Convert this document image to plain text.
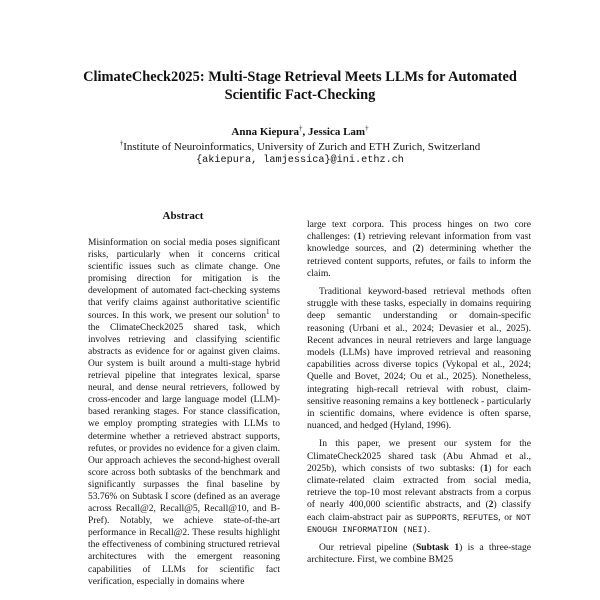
ClimateCheck2025: Multi-Stage Retrieval Meets LLMs for Automated
Scientific Fact-Checking
Anna Kiepura†, Jessica Lam†
†Institute of Neuroinformatics, University of Zurich and ETH Zurich, Switzerland
{akiepura, lamjessica}@ini.ethz.ch
Abstract

Misinformation on social media poses significant risks, particularly when it concerns critical scientific issues such as climate change. One promising direction for mitigation is the development of automated fact-checking systems that verify claims against authoritative scientific sources. In this work, we present our solution$^1$ to the ClimateCheck2025 shared task, which involves retrieving and classifying scientific abstracts as evidence for or against given claims. Our system is built around a multi-stage hybrid retrieval pipeline that integrates lexical, sparse neural, and dense neural retrievers, followed by cross-encoder and large language model (LLM)-based reranking stages. For stance classification, we employ prompting strategies with LLMs to determine whether a retrieved abstract supports, refutes, or provides no evidence for a given claim. Our approach achieves the second-highest overall score across both subtasks of the benchmark and significantly surpasses the final baseline by 53.76% on Subtask I score (defined as an average across Recall@2, Recall@5, Recall@10, and B-Pref). Notably, we achieve state-of-the-art performance in Recall@2. These results highlight the effectiveness of combining structured retrieval architectures with the emergent reasoning capabilities of LLMs for scientific fact verification, especially in domains where

large text corpora. This process hinges on two core challenges: (1) retrieving relevant information from vast knowledge sources, and (2) determining whether the retrieved content supports, refutes, or fails to inform the claim.

Traditional keyword-based retrieval methods often struggle with these tasks, especially in domains requiring deep semantic understanding or domain-specific reasoning (Urbani et al., 2024; Devasier et al., 2025). Recent advances in neural retrievers and large language models (LLMs) have improved retrieval and reasoning capabilities across diverse topics (Vykopal et al., 2024; Quelle and Bovet, 2024; Ou et al., 2025). Nonetheless, integrating high-recall retrieval with robust, claim-sensitive reasoning remains a key bottleneck - particularly in scientific domains, where evidence is often sparse, nuanced, and hedged (Hyland, 1996).

In this paper, we present our system for the ClimateCheck2025 shared task (Abu Ahmad et al., 2025b), which consists of two subtasks: (1) for each climate-related claim extracted from social media, retrieve the top-10 most relevant abstracts from a corpus of nearly 400,000 scientific abstracts, and (2) classify each claim-abstract pair as SUPPORTS, REFUTES, or NOT ENOUGH INFORMATION (NEI).

Our retrieval pipeline (Subtask 1) is a three-stage architecture. First, we combine BM25
